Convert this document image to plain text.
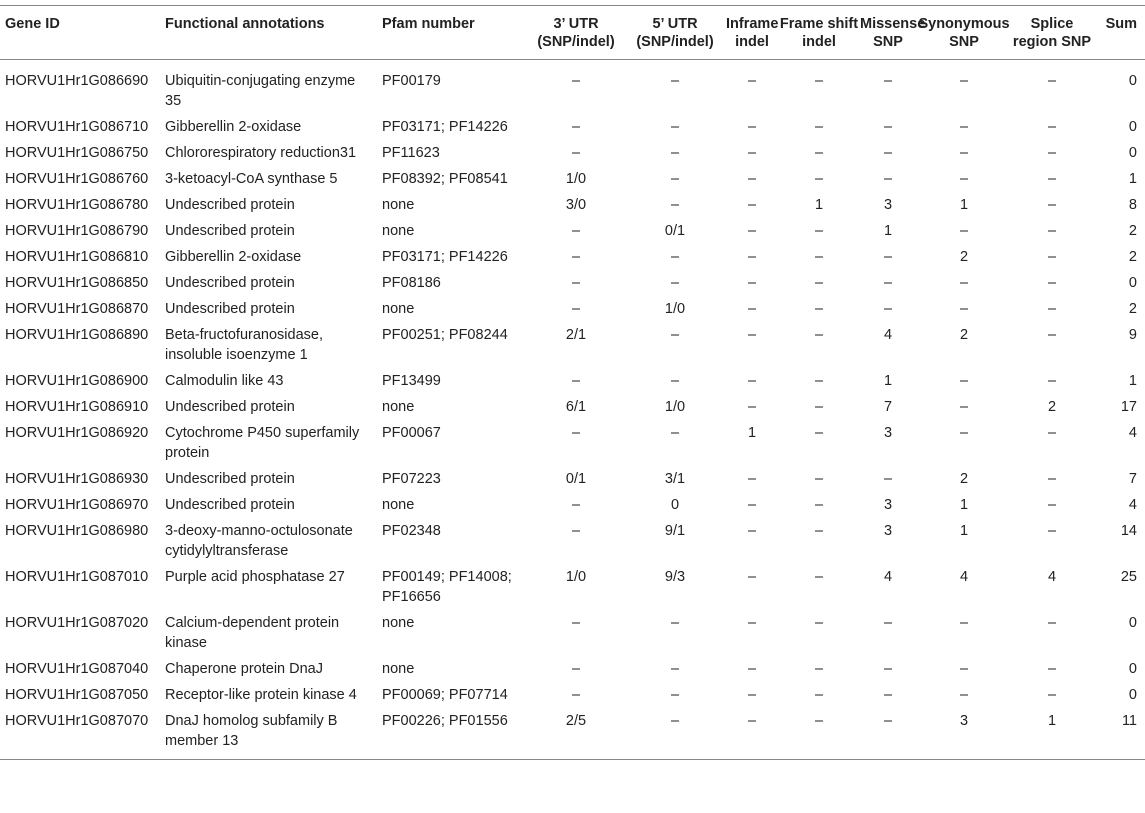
Gene ID	Functional annotations	Pfam number	3’ UTR (SNP/indel)	5’ UTR (SNP/indel)	Inframe indel	Frame shift indel	Missense SNP	Synonymous SNP	Splice region SNP	Sum
HORVU1Hr1G086690	Ubiquitin-conjugating enzyme 35	PF00179	–	–	–	–	–	–	–	0
HORVU1Hr1G086710	Gibberellin 2-oxidase	PF03171; PF14226	–	–	–	–	–	–	–	0
HORVU1Hr1G086750	Chlororespiratory reduction31	PF11623	–	–	–	–	–	–	–	0
HORVU1Hr1G086760	3-ketoacyl-CoA synthase 5	PF08392; PF08541	1/0	–	–	–	–	–	–	1
HORVU1Hr1G086780	Undescribed protein	none	3/0	–	–	1	3	1	–	8
HORVU1Hr1G086790	Undescribed protein	none	–	0/1	–	–	1	–	–	2
HORVU1Hr1G086810	Gibberellin 2-oxidase	PF03171; PF14226	–	–	–	–	–	2	–	2
HORVU1Hr1G086850	Undescribed protein	PF08186	–	–	–	–	–	–	–	0
HORVU1Hr1G086870	Undescribed protein	none	–	1/0	–	–	–	–	–	2
HORVU1Hr1G086890	Beta-fructofuranosidase, insoluble isoenzyme 1	PF00251; PF08244	2/1	–	–	–	4	2	–	9
HORVU1Hr1G086900	Calmodulin like 43	PF13499	–	–	–	–	1	–	–	1
HORVU1Hr1G086910	Undescribed protein	none	6/1	1/0	–	–	7	–	2	17
HORVU1Hr1G086920	Cytochrome P450 superfamily protein	PF00067	–	–	1	–	3	–	–	4
HORVU1Hr1G086930	Undescribed protein	PF07223	0/1	3/1	–	–	–	2	–	7
HORVU1Hr1G086970	Undescribed protein	none	–	0	–	–	3	1	–	4
HORVU1Hr1G086980	3-deoxy-manno-octulosonate cytidylyltransferase	PF02348	–	9/1	–	–	3	1	–	14
HORVU1Hr1G087010	Purple acid phosphatase 27	PF00149; PF14008; PF16656	1/0	9/3	–	–	4	4	4	25
HORVU1Hr1G087020	Calcium-dependent protein kinase	none	–	–	–	–	–	–	–	0
HORVU1Hr1G087040	Chaperone protein DnaJ	none	–	–	–	–	–	–	–	0
HORVU1Hr1G087050	Receptor-like protein kinase 4	PF00069; PF07714	–	–	–	–	–	–	–	0
HORVU1Hr1G087070	DnaJ homolog subfamily B member 13	PF00226; PF01556	2/5	–	–	–	–	3	1	11
